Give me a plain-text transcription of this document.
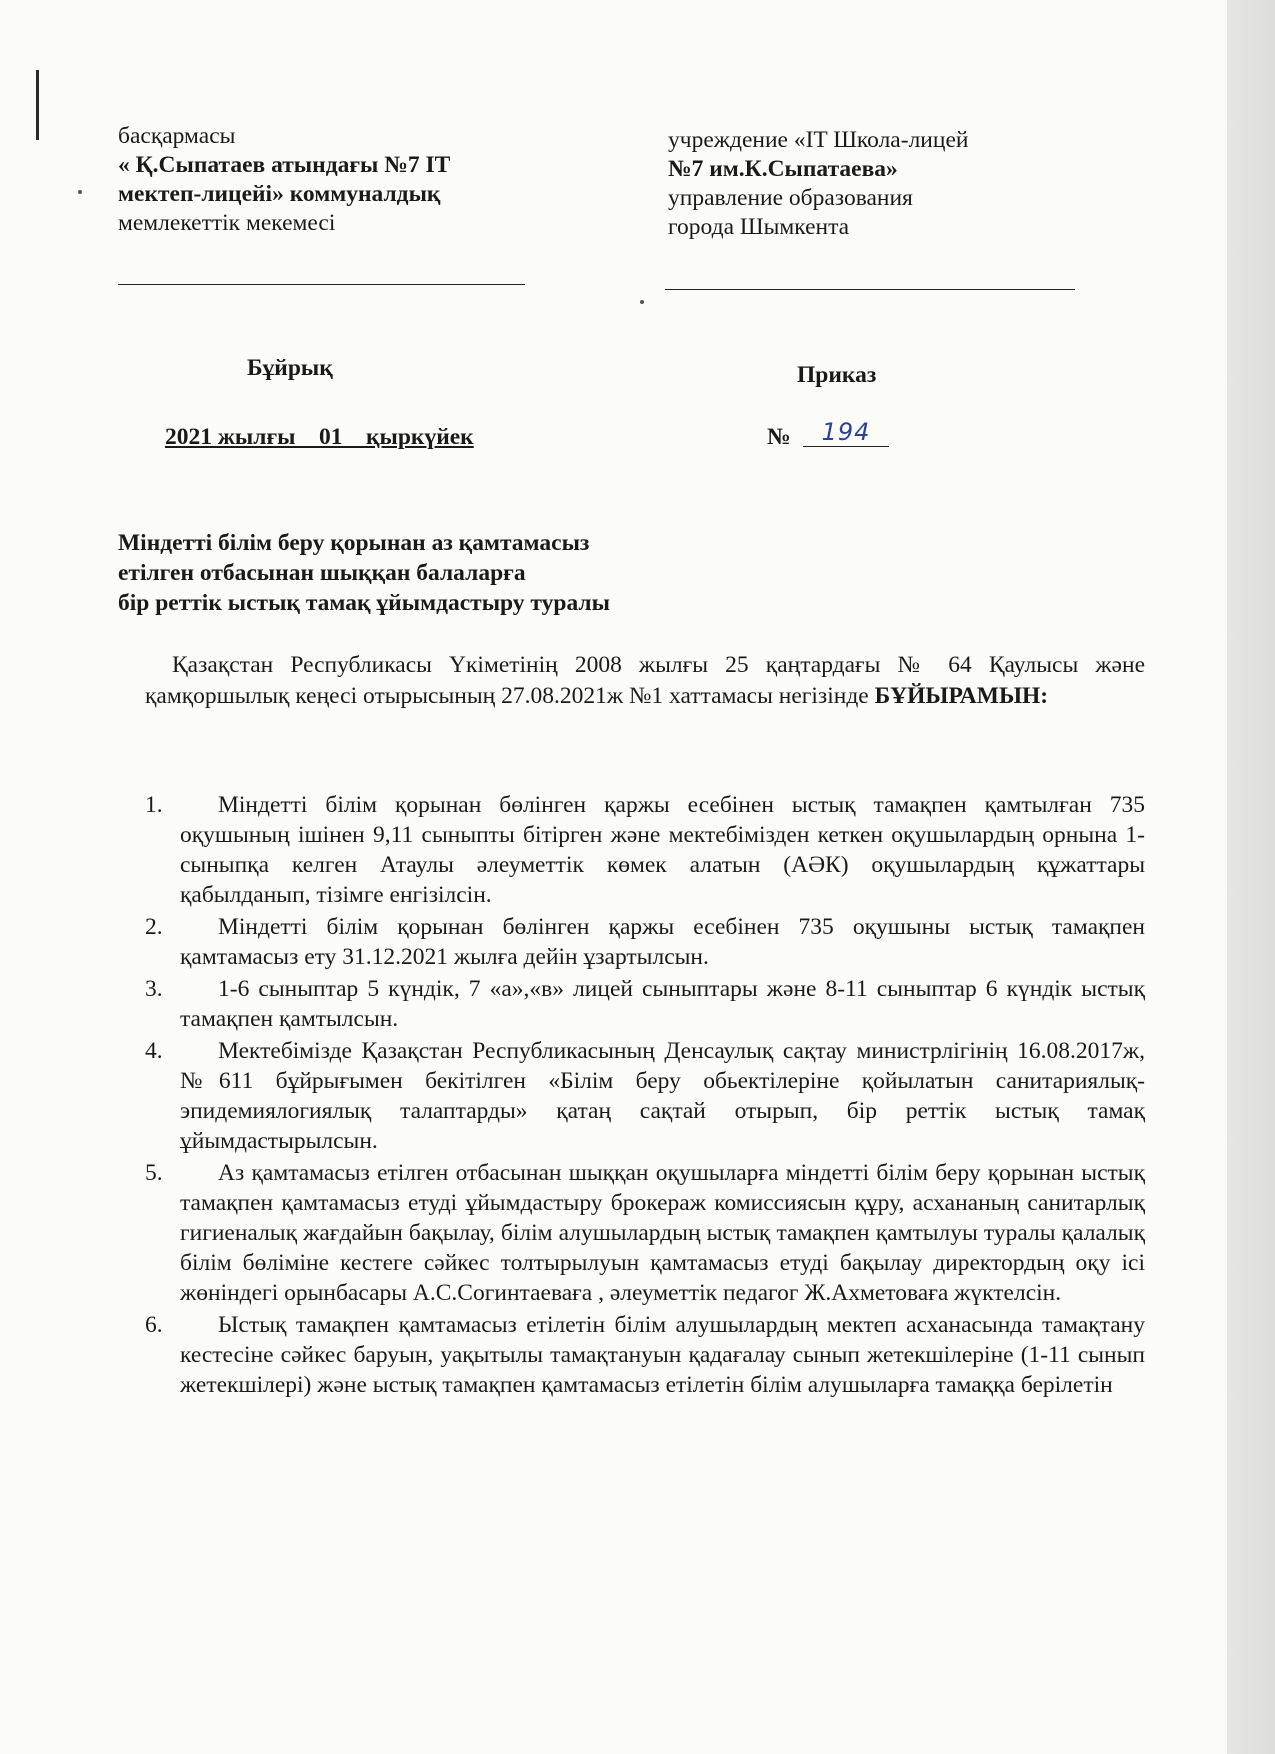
басқармасы
« Қ.Сыпатаев атындағы №7 IT
мектеп-лицейі» коммуналдық
мемлекеттік мекемесі
учреждение «IT Школа-лицей
№7 им.К.Сыпатаева»
управление образования
города Шымкента
Бұйрық	Приказ
2021 жылғы    01    қыркүйек	№	194
Міндетті білім беру қорынан аз қамтамасыз
етілген отбасынан шыққан балаларға
бір реттік ыстық тамақ ұйымдастыру туралы

Қазақстан Республикасы Үкіметінің 2008 жылғы 25 қаңтардағы № 64 Қаулысы және қамқоршылық кеңесі отырысының 27.08.2021ж №1 хаттамасы негізінде БҰЙЫРАМЫН:

1.	Міндетті білім қорынан бөлінген қаржы есебінен ыстық тамақпен қамтылған 735 оқушының ішінен 9,11 сыныпты бітірген және мектебімізден кеткен оқушылардың орнына 1-сыныпқа келген Атаулы әлеуметтік көмек алатын (АӘК) оқушылардың құжаттары қабылданып, тізімге енгізілсін.
2.	Міндетті білім қорынан бөлінген қаржы есебінен 735 оқушыны ыстық тамақпен қамтамасыз ету 31.12.2021 жылға дейін ұзартылсын.
3.	1-6 сыныптар 5 күндік, 7 «а»,«в» лицей сыныптары және 8-11 сыныптар 6 күндік ыстық тамақпен қамтылсын.
4.	Мектебімізде Қазақстан Республикасының Денсаулық сақтау министрлігінің 16.08.2017ж, №611 бұйрығымен бекітілген «Білім беру обьектілеріне қойылатын санитариялық- эпидемиялогиялық талаптарды» қатаң сақтай отырып, бір реттік ыстық тамақ ұйымдастырылсын.
5.	Аз қамтамасыз етілген отбасынан шыққан оқушыларға міндетті білім беру қорынан ыстық тамақпен қамтамасыз етуді ұйымдастыру брокераж комиссиясын құру, асхананың санитарлық гигиеналық жағдайын бақылау, білім алушылардың ыстық тамақпен қамтылуы туралы қалалық білім бөліміне кестеге сәйкес толтырылуын қамтамасыз етуді бақылау директордың оқу ісі жөніндегі орынбасары А.С.Согинтаеваға , әлеуметтік педагог Ж.Ахметоваға жүктелсін.
6.	Ыстық тамақпен қамтамасыз етілетін білім алушылардың мектеп асханасында тамақтану кестесіне сәйкес баруын, уақытылы тамақтануын қадағалау сынып жетекшілеріне (1-11 сынып жетекшілері) және ыстық тамақпен қамтамасыз етілетін білім алушыларға тамаққа берілетін
